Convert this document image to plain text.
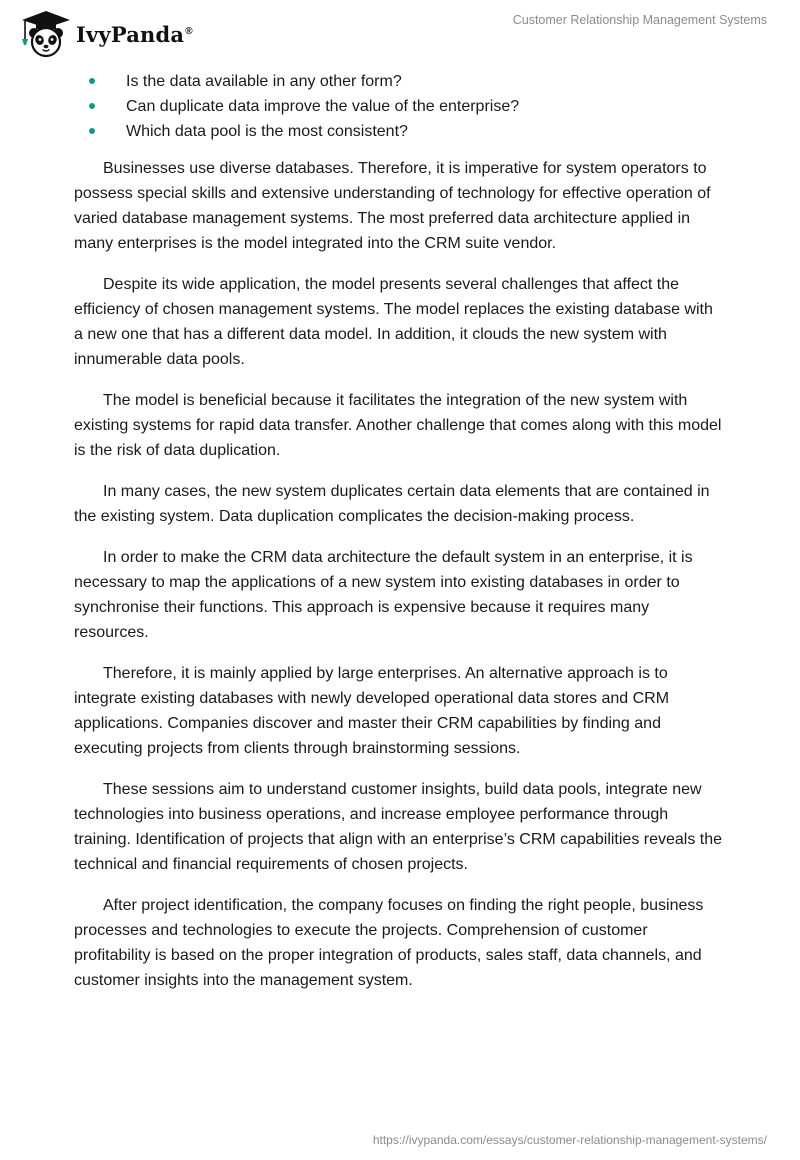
IvyPanda®
Customer Relationship Management Systems
Is the data available in any other form?
Can duplicate data improve the value of the enterprise?
Which data pool is the most consistent?

Businesses use diverse databases. Therefore, it is imperative for system operators to possess special skills and extensive understanding of technology for effective operation of varied database management systems. The most preferred data architecture applied in many enterprises is the model integrated into the CRM suite vendor.

Despite its wide application, the model presents several challenges that affect the efficiency of chosen management systems. The model replaces the existing database with a new one that has a different data model. In addition, it clouds the new system with innumerable data pools.

The model is beneficial because it facilitates the integration of the new system with existing systems for rapid data transfer. Another challenge that comes along with this model is the risk of data duplication.

In many cases, the new system duplicates certain data elements that are contained in the existing system. Data duplication complicates the decision-making process.

In order to make the CRM data architecture the default system in an enterprise, it is necessary to map the applications of a new system into existing databases in order to synchronise their functions. This approach is expensive because it requires many resources.

Therefore, it is mainly applied by large enterprises. An alternative approach is to integrate existing databases with newly developed operational data stores and CRM applications. Companies discover and master their CRM capabilities by finding and executing projects from clients through brainstorming sessions.

These sessions aim to understand customer insights, build data pools, integrate new technologies into business operations, and increase employee performance through training. Identification of projects that align with an enterprise’s CRM capabilities reveals the technical and financial requirements of chosen projects.

After project identification, the company focuses on finding the right people, business processes and technologies to execute the projects. Comprehension of customer profitability is based on the proper integration of products, sales staff, data channels, and customer insights into the management system.

https://ivypanda.com/essays/customer-relationship-management-systems/
